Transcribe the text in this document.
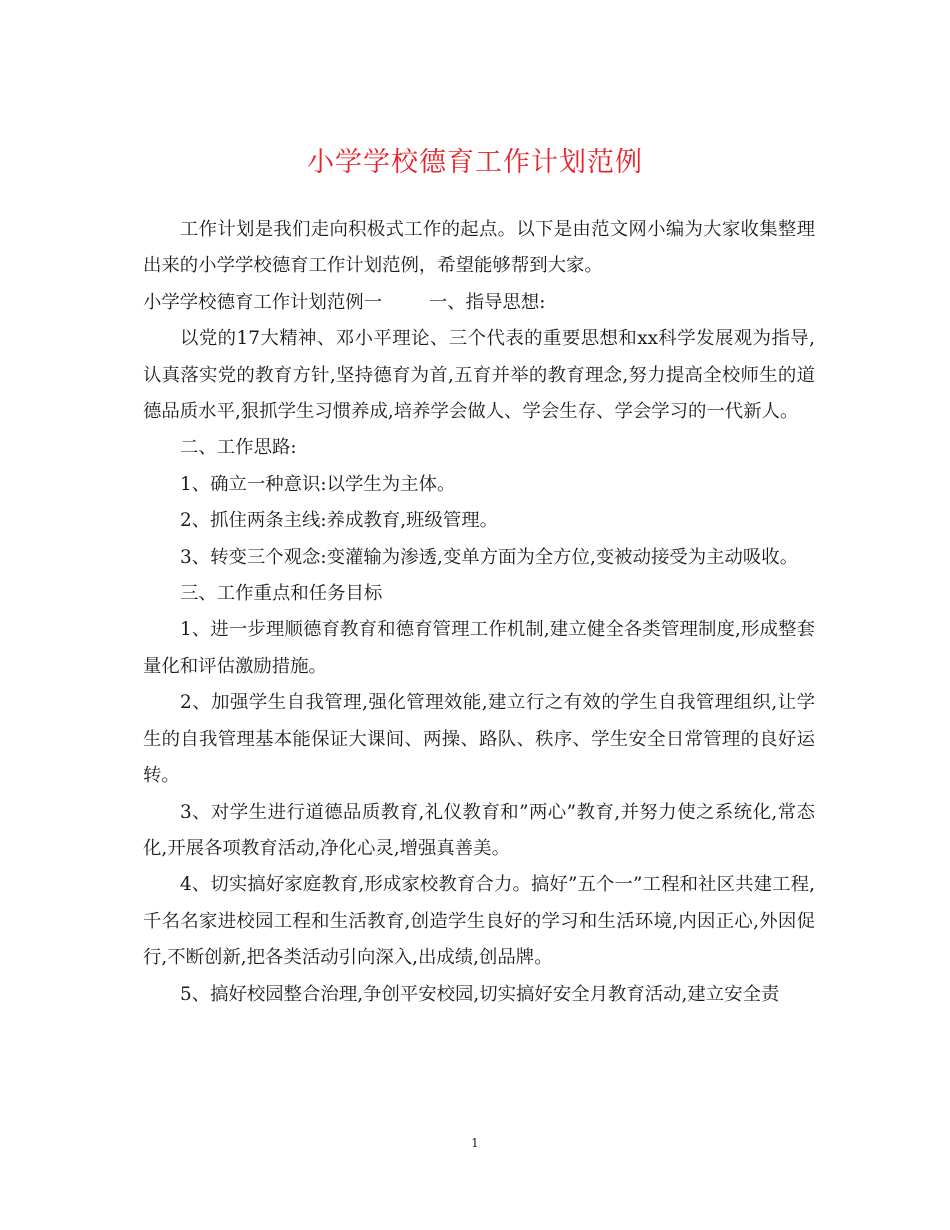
小学学校德育工作计划范例

工作计划是我们走向积极式工作的起点。以下是由范文网小编为大家收集整理出来的小学学校德育工作计划范例，希望能够帮到大家。

小学学校德育工作计划范例一	一、指导思想:

以党的17大精神、邓小平理论、三个代表的重要思想和xx科学发展观为指导,认真落实党的教育方针,坚持德育为首,五育并举的教育理念,努力提高全校师生的道德品质水平,狠抓学生习惯养成,培养学会做人、学会生存、学会学习的一代新人。

二、工作思路:

1、确立一种意识:以学生为主体。

2、抓住两条主线:养成教育,班级管理。

3、转变三个观念:变灌输为渗透,变单方面为全方位,变被动接受为主动吸收。

三、工作重点和任务目标

1、进一步理顺德育教育和德育管理工作机制,建立健全各类管理制度,形成整套量化和评估激励措施。

2、加强学生自我管理,强化管理效能,建立行之有效的学生自我管理组织,让学生的自我管理基本能保证大课间、两操、路队、秩序、学生安全日常管理的良好运转。

3、对学生进行道德品质教育,礼仪教育和”两心”教育,并努力使之系统化,常态化,开展各项教育活动,净化心灵,增强真善美。

4、切实搞好家庭教育,形成家校教育合力。搞好”五个一”工程和社区共建工程,千名名家进校园工程和生活教育,创造学生良好的学习和生活环境,内因正心,外因促行,不断创新,把各类活动引向深入,出成绩,创品牌。

5、搞好校园整合治理,争创平安校园,切实搞好安全月教育活动,建立安全责

1
